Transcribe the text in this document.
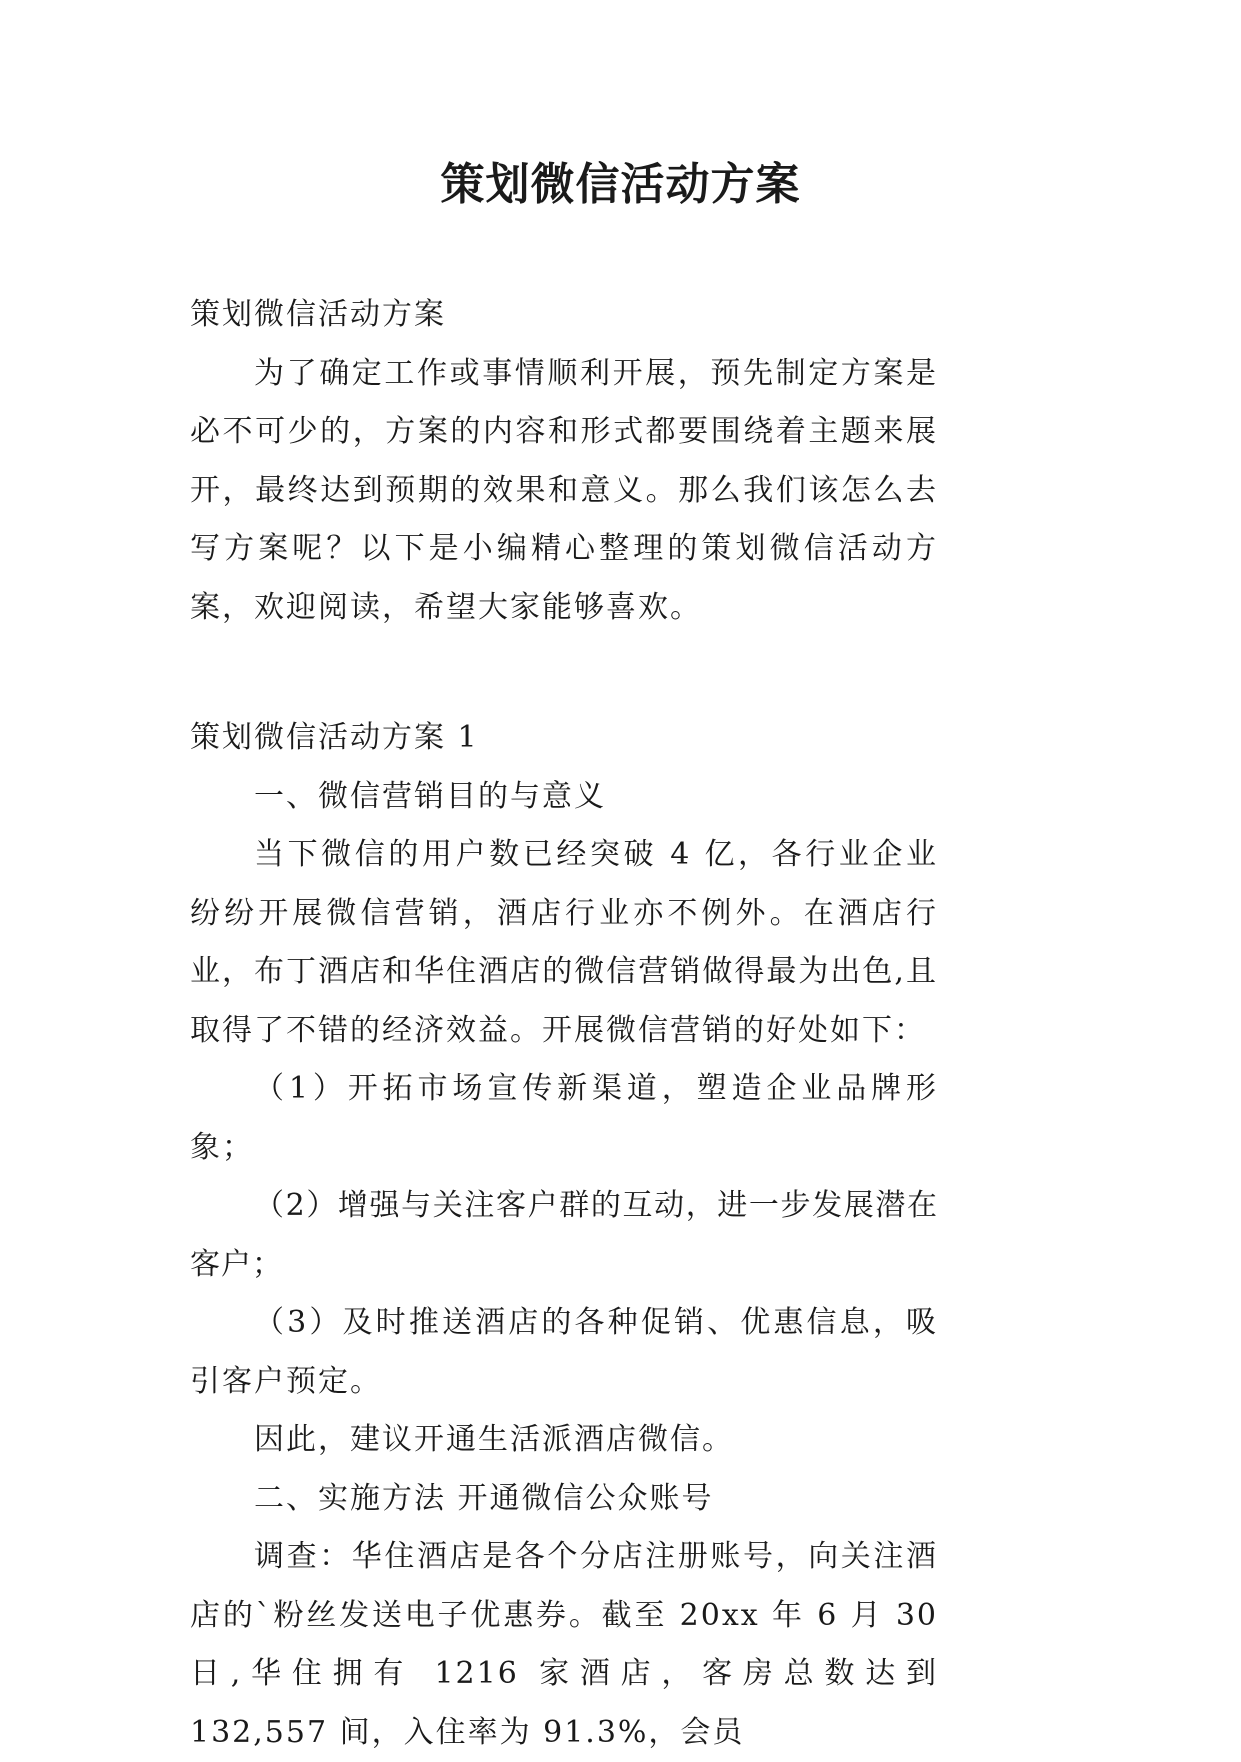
策划微信活动方案

策划微信活动方案

为了确定工作或事情顺利开展，预先制定方案是必不可少的，方案的内容和形式都要围绕着主题来展开，最终达到预期的效果和意义。那么我们该怎么去写方案呢？以下是小编精心整理的策划微信活动方案，欢迎阅读，希望大家能够喜欢。

策划微信活动方案 1

一、微信营销目的与意义

当下微信的用户数已经突破 4 亿，各行业企业纷纷开展微信营销，酒店行业亦不例外。在酒店行业，布丁酒店和华住酒店的微信营销做得最为出色,且取得了不错的经济效益。开展微信营销的好处如下：

（1）开拓市场宣传新渠道，塑造企业品牌形象；

（2）增强与关注客户群的互动，进一步发展潜在客户；

（3）及时推送酒店的各种促销、优惠信息，吸引客户预定。

因此，建议开通生活派酒店微信。

二、实施方法 开通微信公众账号

调查：华住酒店是各个分店注册账号，向关注酒店的`粉丝发送电子优惠券。截至 20xx 年 6 月 30 日,华住拥有 1216 家酒店，客房总数达到 132,557 间，入住率为 91.3%，会员
